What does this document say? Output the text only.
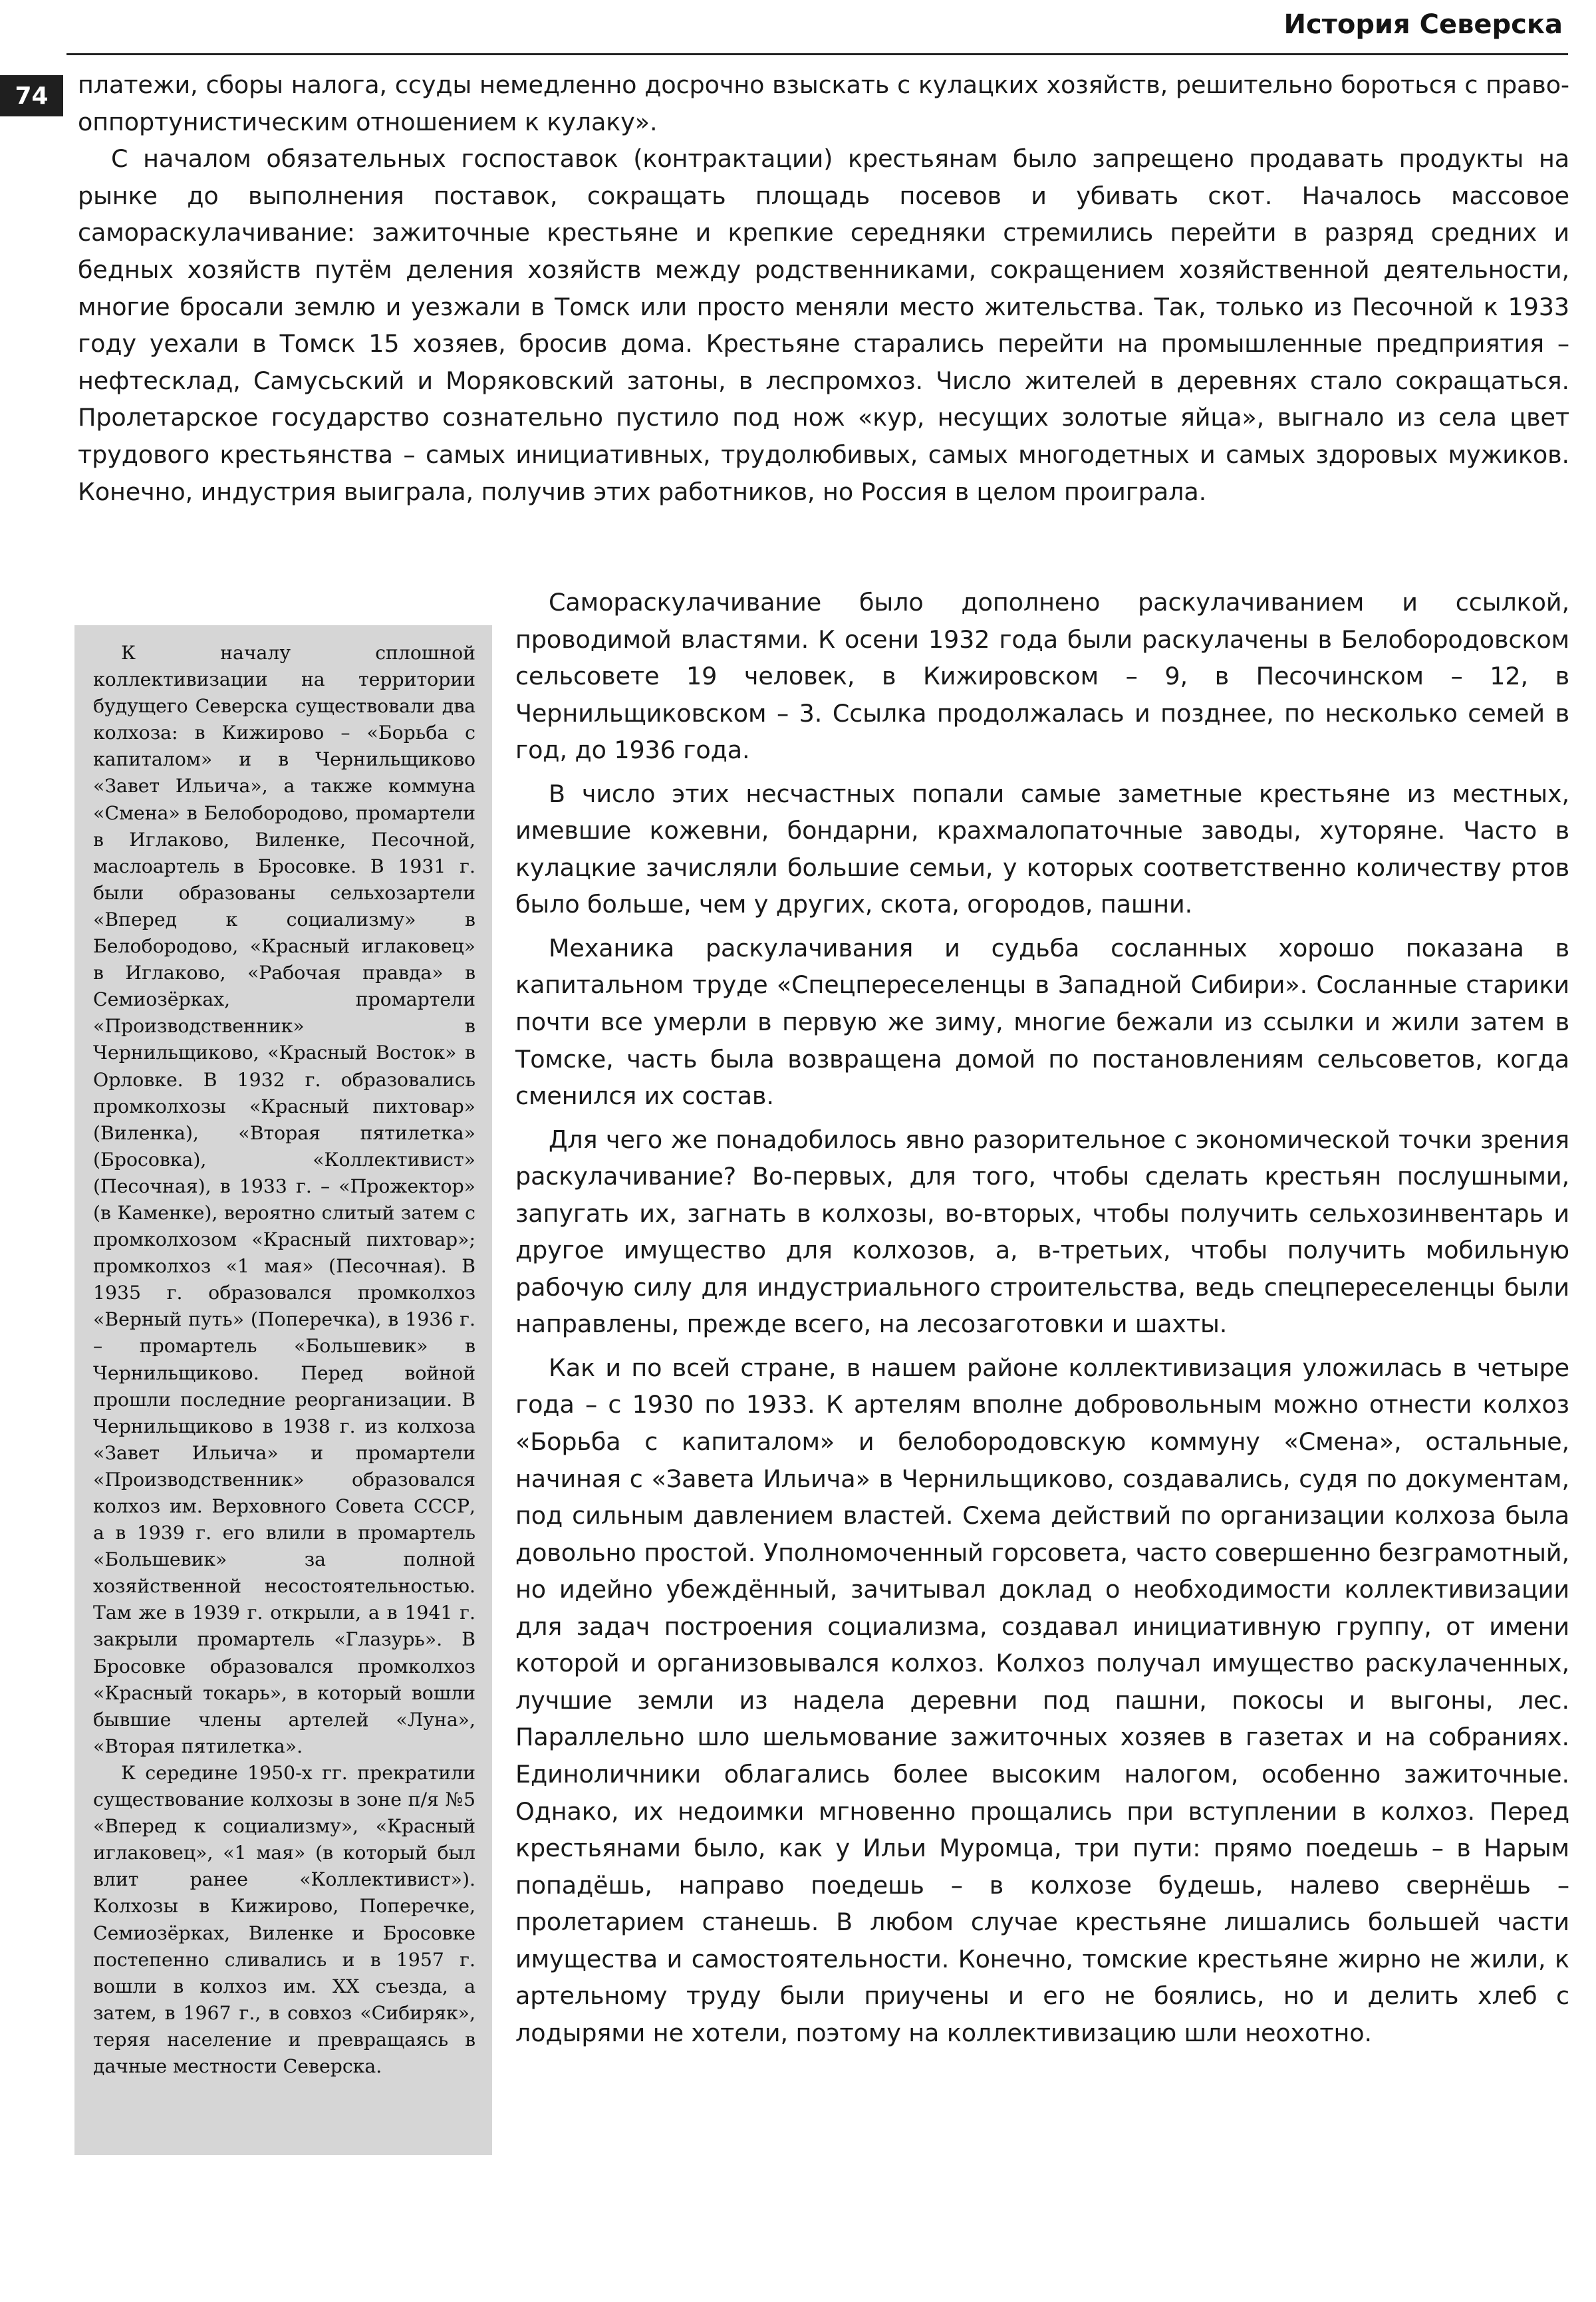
История Северска
74	платежи, сборы налога, ссуды немедленно досрочно взыскать с кулацких хозяйств, решительно бороться с право-оппортунистическим отношением к кулаку».

С началом обязательных госпоставок (контрактации) крестьянам было запрещено продавать продукты на рынке до выполнения поставок, сокращать площадь посевов и убивать скот. Началось массовое самораскулачивание: зажиточные крестьяне и крепкие середняки стремились перейти в разряд средних и бедных хозяйств путём деления хозяйств между родственниками, сокращением хозяйственной деятельности, многие бросали землю и уезжали в Томск или просто меняли место жительства. Так, только из Песочной к 1933 году уехали в Томск 15 хозяев, бросив дома. Крестьяне старались перейти на промышленные предприятия – нефтесклад, Самусьский и Моряковский затоны, в леспромхоз. Число жителей в деревнях стало сокращаться. Пролетарское государство сознательно пустило под нож «кур, несущих золотые яйца», выгнало из села цвет трудового крестьянства – самых инициативных, трудолюбивых, самых многодетных и самых здоровых мужиков. Конечно, индустрия выиграла, получив этих работников, но Россия в целом проиграла.

К началу сплошной коллективизации на территории будущего Северска существовали два колхоза: в Кижирово – «Борьба с капиталом» и в Чернильщиково «Завет Ильича», а также коммуна «Смена» в Белобородово, промартели в Иглаково, Виленке, Песочной, маслоартель в Бросовке. В 1931 г. были образованы сельхозартели «Вперед к социализму» в Белобородово, «Красный иглаковец» в Иглаково, «Рабочая правда» в Семиозёрках, промартели «Производственник» в Чернильщиково, «Красный Восток» в Орловке. В 1932 г. образовались промколхозы «Красный пихтовар» (Виленка), «Вторая пятилетка» (Бросовка), «Коллективист» (Песочная), в 1933 г. – «Прожектор» (в Каменке), вероятно слитый затем с промколхозом «Красный пихтовар»; промколхоз «1 мая» (Песочная). В 1935 г. образовался промколхоз «Верный путь» (Поперечка), в 1936 г. – промартель «Большевик» в Чернильщиково. Перед войной прошли последние реорганизации. В Чернильщиково в 1938 г. из колхоза «Завет Ильича» и промартели «Производственник» образовался колхоз им. Верховного Совета СССР, а в 1939 г. его влили в промартель «Большевик» за полной хозяйственной несостоятельностью. Там же в 1939 г. открыли, а в 1941 г. закрыли промартель «Глазурь». В Бросовке образовался промколхоз «Красный токарь», в который вошли бывшие члены артелей «Луна», «Вторая пятилетка».

К середине 1950-х гг. прекратили существование колхозы в зоне п/я №5 «Вперед к социализму», «Красный иглаковец», «1 мая» (в который был влит ранее «Коллективист»). Колхозы в Кижирово, Поперечке, Семиозёрках, Виленке и Бросовке постепенно сливались и в 1957 г. вошли в колхоз им. XX съезда, а затем, в 1967 г., в совхоз «Сибиряк», теряя население и превращаясь в дачные местности Северска.

Самораскулачивание было дополнено раскулачиванием и ссылкой, проводимой властями. К осени 1932 года были раскулачены в Белобородовском сельсовете 19 человек, в Кижировском – 9, в Песочинском – 12, в Чернильщиковском – 3. Ссылка продолжалась и позднее, по несколько семей в год, до 1936 года.

В число этих несчастных попали самые заметные крестьяне из местных, имевшие кожевни, бондарни, крахмалопаточные заводы, хуторяне. Часто в кулацкие зачисляли большие семьи, у которых соответственно количеству ртов было больше, чем у других, скота, огородов, пашни.

Механика раскулачивания и судьба сосланных хорошо показана в капитальном труде «Спецпереселенцы в Западной Сибири». Сосланные старики почти все умерли в первую же зиму, многие бежали из ссылки и жили затем в Томске, часть была возвращена домой по постановлениям сельсоветов, когда сменился их состав.

Для чего же понадобилось явно разорительное с экономической точки зрения раскулачивание? Во-первых, для того, чтобы сделать крестьян послушными, запугать их, загнать в колхозы, во-вторых, чтобы получить сельхозинвентарь и другое имущество для колхозов, а, в-третьих, чтобы получить мобильную рабочую силу для индустриального строительства, ведь спецпереселенцы были направлены, прежде всего, на лесозаготовки и шахты.

Как и по всей стране, в нашем районе коллективизация уложилась в четыре года – с 1930 по 1933. К артелям вполне добровольным можно отнести колхоз «Борьба с капиталом» и белобородовскую коммуну «Смена», остальные, начиная с «Завета Ильича» в Чернильщиково, создавались, судя по документам, под сильным давлением властей. Схема действий по организации колхоза была довольно простой. Уполномоченный горсовета, часто совершенно безграмотный, но идейно убеждённый, зачитывал доклад о необходимости коллективизации для задач построения социализма, создавал инициативную группу, от имени которой и организовывался колхоз. Колхоз получал имущество раскулаченных, лучшие земли из надела деревни под пашни, покосы и выгоны, лес. Параллельно шло шельмование зажиточных хозяев в газетах и на собраниях. Единоличники облагались более высоким налогом, особенно зажиточные. Однако, их недоимки мгновенно прощались при вступлении в колхоз. Перед крестьянами было, как у Ильи Муромца, три пути: прямо поедешь – в Нарым попадёшь, направо поедешь – в колхозе будешь, налево свернёшь – пролетарием станешь. В любом случае крестьяне лишались большей части имущества и самостоятельности. Конечно, томские крестьяне жирно не жили, к артельному труду были приучены и его не боялись, но и делить хлеб с лодырями не хотели, поэтому на коллективизацию шли неохотно.
